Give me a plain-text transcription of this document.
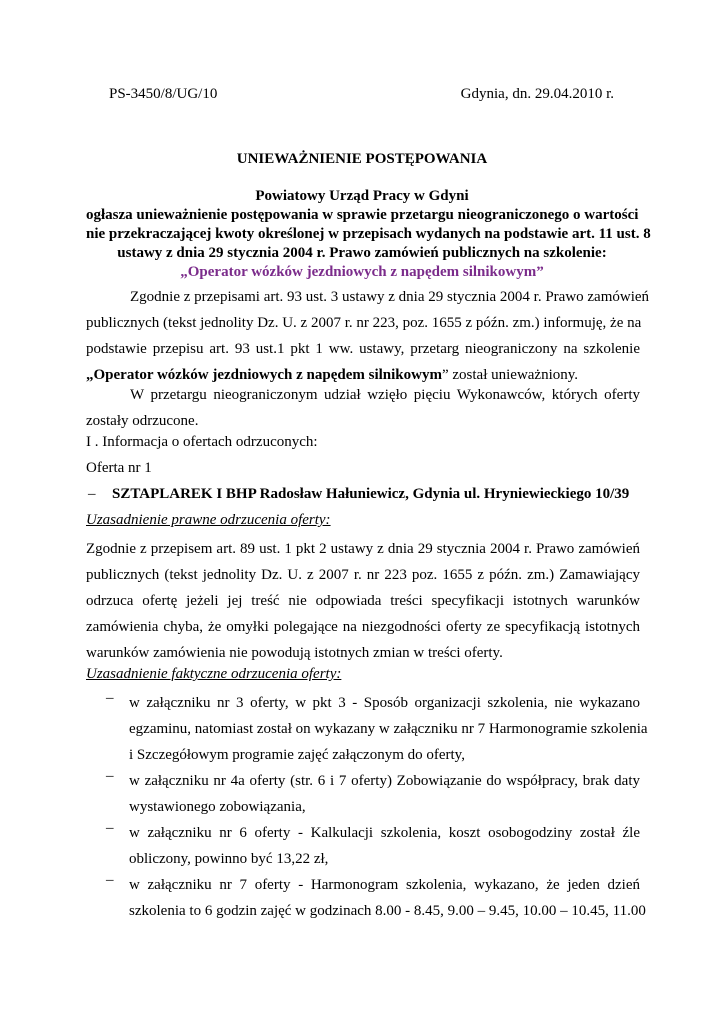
PS-3450/8/UG/10	Gdynia, dn. 29.04.2010 r.
UNIEWAŻNIENIE POSTĘPOWANIA
Powiatowy Urząd Pracy w Gdyni
ogłasza unieważnienie postępowania w sprawie przetargu nieograniczonego o wartości
nie przekraczającej kwoty określonej w przepisach wydanych na podstawie art. 11 ust. 8
ustawy z dnia 29 stycznia 2004 r. Prawo zamówień publicznych na szkolenie:
„Operator wózków jezdniowych z napędem silnikowym”
Zgodnie z przepisami art. 93 ust. 3 ustawy z dnia 29 stycznia 2004 r. Prawo zamówień
publicznych (tekst jednolity Dz. U. z 2007 r. nr 223, poz. 1655 z późn. zm.) informuję, że na
podstawie przepisu art. 93 ust.1 pkt 1 ww. ustawy, przetarg nieograniczony na szkolenie
„Operator wózków jezdniowych z napędem silnikowym” został unieważniony.
W przetargu nieograniczonym udział wzięło pięciu Wykonawców, których oferty
zostały odrzucone.
I . Informacja o ofertach odrzuconych:
Oferta nr 1
– SZTAPLAREK I BHP Radosław Hałuniewicz, Gdynia ul. Hryniewieckiego 10/39
Uzasadnienie prawne odrzucenia oferty:
Zgodnie z przepisem art. 89 ust. 1 pkt 2 ustawy z dnia 29 stycznia 2004 r. Prawo zamówień
publicznych (tekst jednolity Dz. U. z 2007 r. nr 223 poz. 1655 z późn. zm.) Zamawiający
odrzuca ofertę jeżeli jej treść nie odpowiada treści specyfikacji istotnych warunków
zamówienia chyba, że omyłki polegające na niezgodności oferty ze specyfikacją istotnych
warunków zamówienia nie powodują istotnych zmian w treści oferty.
Uzasadnienie faktyczne odrzucenia oferty:
– w załączniku nr 3 oferty, w pkt 3 - Sposób organizacji szkolenia, nie wykazano
egzaminu, natomiast został on wykazany w załączniku nr 7 Harmonogramie szkolenia
i Szczegółowym programie zajęć załączonym do oferty,
– w załączniku nr 4a oferty (str. 6 i 7 oferty) Zobowiązanie do współpracy, brak daty
wystawionego zobowiązania,
– w załączniku nr 6 oferty - Kalkulacji szkolenia, koszt osobogodziny został źle
obliczony, powinno być 13,22 zł,
– w załączniku nr 7 oferty - Harmonogram szkolenia, wykazano, że jeden dzień
szkolenia to 6 godzin zajęć w godzinach 8.00 - 8.45, 9.00 – 9.45, 10.00 – 10.45, 11.00
